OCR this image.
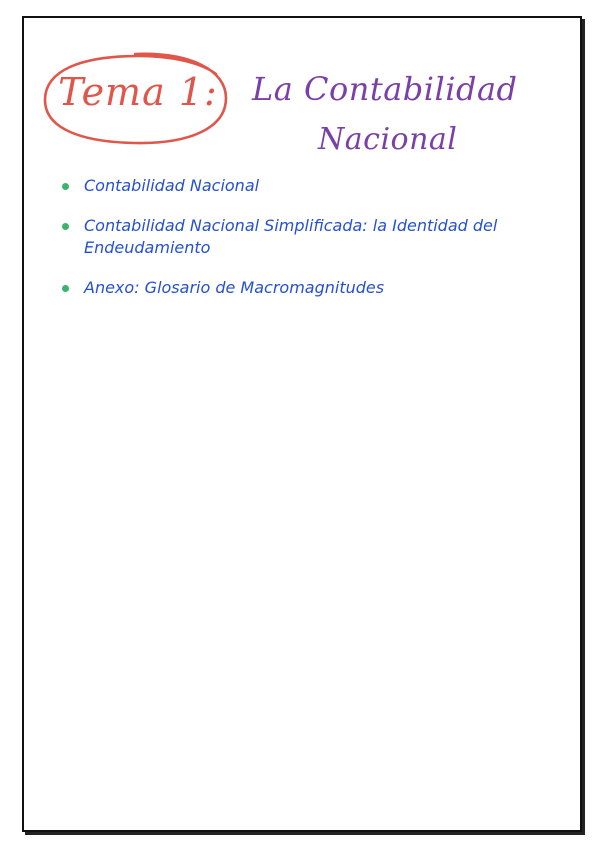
Tema 1: La Contabilidad
Nacional
Contabilidad Nacional
Contabilidad Nacional Simplificada: la Identidad del Endeudamiento
Anexo: Glosario de Macromagnitudes
